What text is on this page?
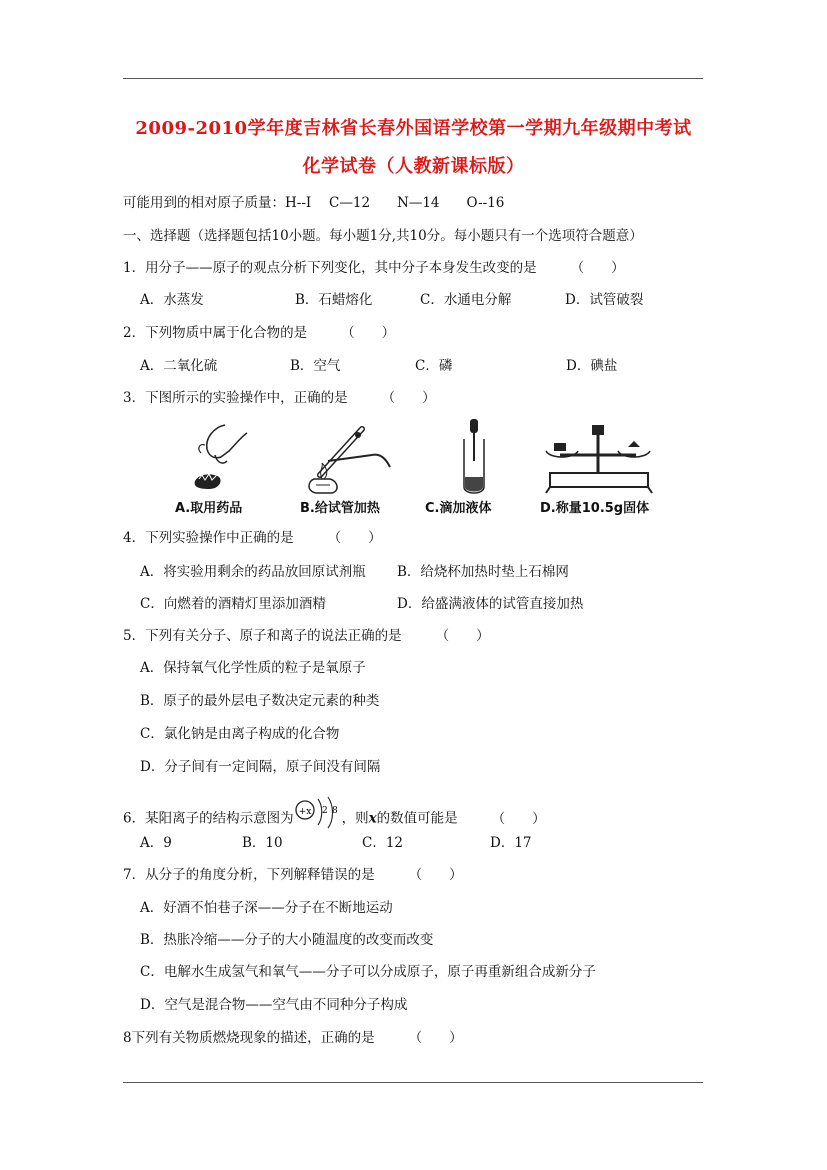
2009-2010学年度吉林省长春外国语学校第一学期九年级期中考试
化学试卷（人教新课标版）
可能用到的相对原子质量：H--I　 C—12　　N—14　　O--16
一、选择题（选择题包括10小题。每小题1分,共10分。每小题只有一个选项符合题意）
1．用分子——原子的观点分析下列变化，其中分子本身发生改变的是	（　　）
A．水蒸发	B．石蜡熔化	C．水通电分解	D．试管破裂
2．下列物质中属于化合物的是	（　　）
A．二氧化硫	B．空气	C．磷	D．碘盐
3．下图所示的实验操作中，正确的是	（　　）
A.取用药品	B.给试管加热	C.滴加液体	D.称量10.5g固体
4．下列实验操作中正确的是	（　　）
A．将实验用剩余的药品放回原试剂瓶 B．给烧杯加热时垫上石棉网
C．向燃着的酒精灯里添加酒精	D．给盛满液体的试管直接加热
5．下列有关分子、原子和离子的说法正确的是	（　　）
A．保持氧气化学性质的粒子是氧原子
B．原子的最外层电子数决定元素的种类
C．氯化钠是由离子构成的化合物
D．分子间有一定间隔，原子间没有间隔
6．某阳离子的结构示意图为 +x 2 8 ，则x的数值可能是	（　　）
A．9	B．10	C．12	D．17
7．从分子的角度分析，下列解释错误的是	（　　）
A．好酒不怕巷子深——分子在不断地运动
B．热胀冷缩——分子的大小随温度的改变而改变
C．电解水生成氢气和氧气——分子可以分成原子，原子再重新组合成新分子
D．空气是混合物——空气由不同种分子构成
8下列有关物质燃烧现象的描述，正确的是	（　　）
